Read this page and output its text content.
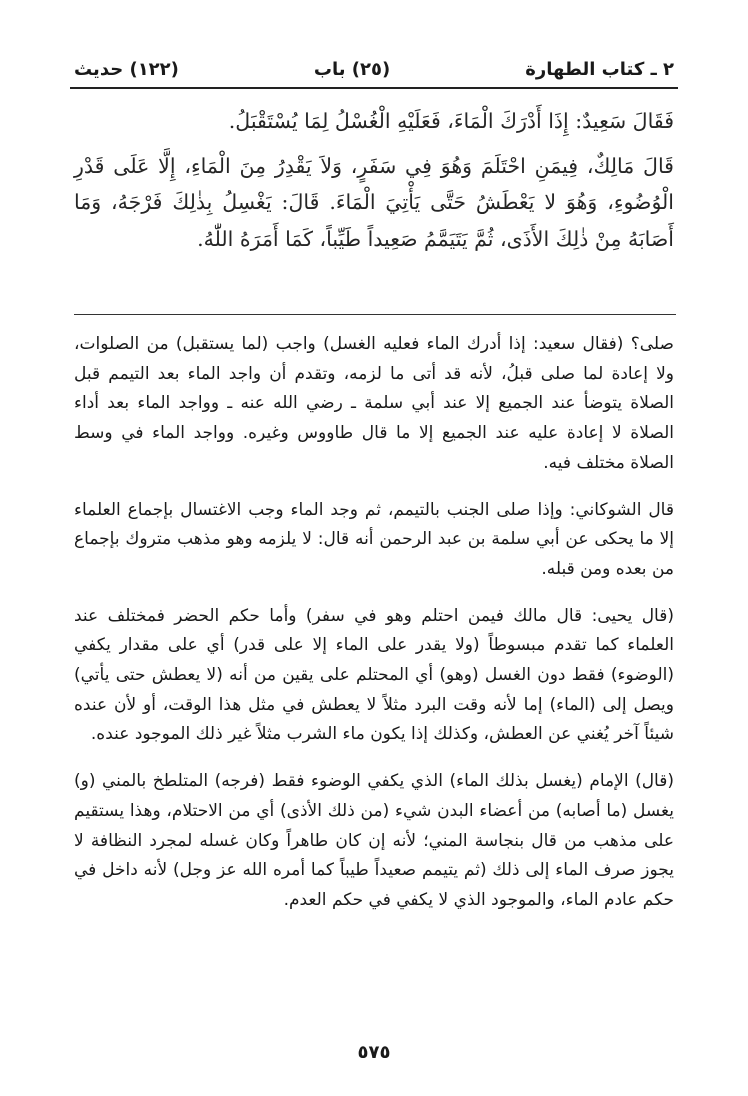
٢ ـ كتاب الطهارة
(٢٥) باب
(١٢٢) حديث

فَقَالَ سَعِيدٌ: إِذَا أَدْرَكَ الْمَاءَ، فَعَلَيْهِ الْغُسْلُ لِمَا يُسْتَقْبَلُ.

قَالَ مَالِكٌ، فِيمَنِ احْتَلَمَ وَهُوَ فِي سَفَرٍ، وَلاَ يَقْدِرُ مِنَ الْمَاءِ، إِلَّا عَلَى قَدْرِ الْوُضُوءِ، وَهُوَ لا يَعْطَشُ حَتَّى يَأْتِيَ الْمَاءَ. قَالَ: يَغْسِلُ بِذٰلِكَ فَرْجَهُ، وَمَا أَصَابَهُ مِنْ ذٰلِكَ الأَذَى، ثُمَّ يَتَيَمَّمُ صَعِيداً طَيِّباً، كَمَا أَمَرَهُ اللّٰهُ.

صلى؟ (فقال سعيد: إذا أدرك الماء فعليه الغسل) واجب (لما يستقبل) من الصلوات، ولا إعادة لما صلى قبلُ، لأنه قد أتى ما لزمه، وتقدم أن واجد الماء بعد التيمم قبل الصلاة يتوضأ عند الجميع إلا عند أبي سلمة ـ رضي الله عنه ـ وواجد الماء بعد أداء الصلاة لا إعادة عليه عند الجميع إلا ما قال طاووس وغيره. وواجد الماء في وسط الصلاة مختلف فيه.

قال الشوكاني: وإذا صلى الجنب بالتيمم، ثم وجد الماء وجب الاغتسال بإجماع العلماء إلا ما يحكى عن أبي سلمة بن عبد الرحمن أنه قال: لا يلزمه وهو مذهب متروك بإجماع من بعده ومن قبله.

(قال يحيى: قال مالك فيمن احتلم وهو في سفر) وأما حكم الحضر فمختلف عند العلماء كما تقدم مبسوطاً (ولا يقدر على الماء إلا على قدر) أي على مقدار يكفي (الوضوء) فقط دون الغسل (وهو) أي المحتلم على يقين من أنه (لا يعطش حتى يأتي) ويصل إلى (الماء) إما لأنه وقت البرد مثلاً لا يعطش في مثل هذا الوقت، أو لأن عنده شيئاً آخر يُغني عن العطش، وكذلك إذا يكون ماء الشرب مثلاً غير ذلك الموجود عنده.

(قال) الإمام (يغسل بذلك الماء) الذي يكفي الوضوء فقط (فرجه) المتلطخ بالمني (و) يغسل (ما أصابه) من أعضاء البدن شيء (من ذلك الأذى) أي من الاحتلام، وهذا يستقيم على مذهب من قال بنجاسة المني؛ لأنه إن كان طاهراً وكان غسله لمجرد النظافة لا يجوز صرف الماء إلى ذلك (ثم يتيمم صعيداً طيباً كما أمره الله عز وجل) لأنه داخل في حكم عادم الماء، والموجود الذي لا يكفي في حكم العدم.

٥٧٥
